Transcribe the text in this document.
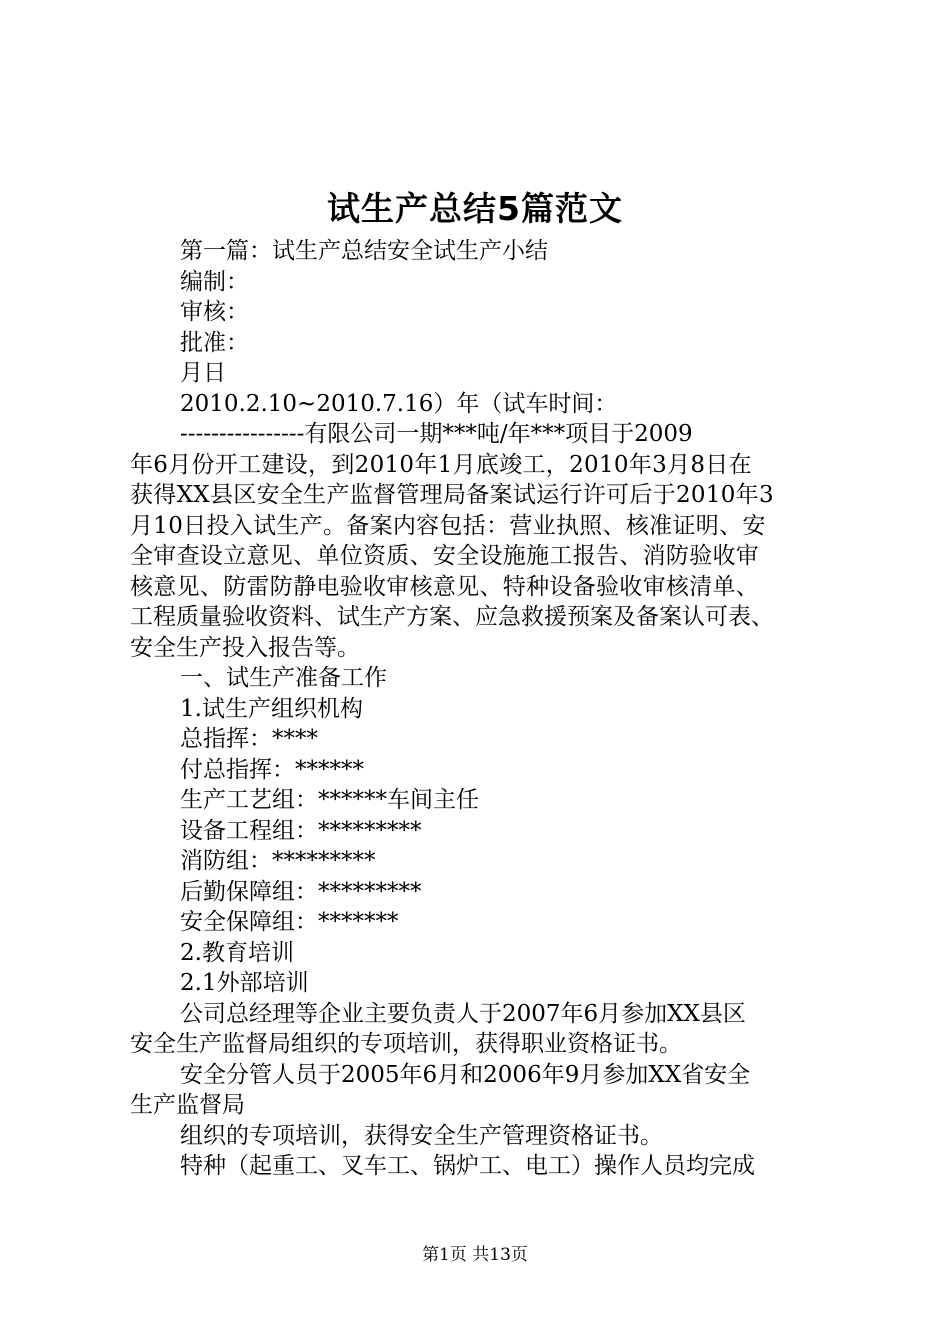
试生产总结5篇范文
第一篇：试生产总结安全试生产小结
编制：
审核：
批准：
月日
2010.2.10~2010.7.16）年（试车时间：
----------------有限公司一期***吨/年***项目于2009
年6月份开工建设，到2010年1月底竣工，2010年3月8日在
获得XX县区安全生产监督管理局备案试运行许可后于2010年3
月10日投入试生产。备案内容包括：营业执照、核准证明、安
全审查设立意见、单位资质、安全设施施工报告、消防验收审
核意见、防雷防静电验收审核意见、特种设备验收审核清单、
工程质量验收资料、试生产方案、应急救援预案及备案认可表、
安全生产投入报告等。
一、试生产准备工作
1.试生产组织机构
总指挥：****
付总指挥：******
生产工艺组：******车间主任
设备工程组：*********
消防组：*********
后勤保障组：*********
安全保障组：*******
2.教育培训
2.1外部培训
公司总经理等企业主要负责人于2007年6月参加XX县区
安全生产监督局组织的专项培训，获得职业资格证书。
安全分管人员于2005年6月和2006年9月参加XX省安全
生产监督局
组织的专项培训，获得安全生产管理资格证书。
特种（起重工、叉车工、锅炉工、电工）操作人员均完成
第1页 共13页
